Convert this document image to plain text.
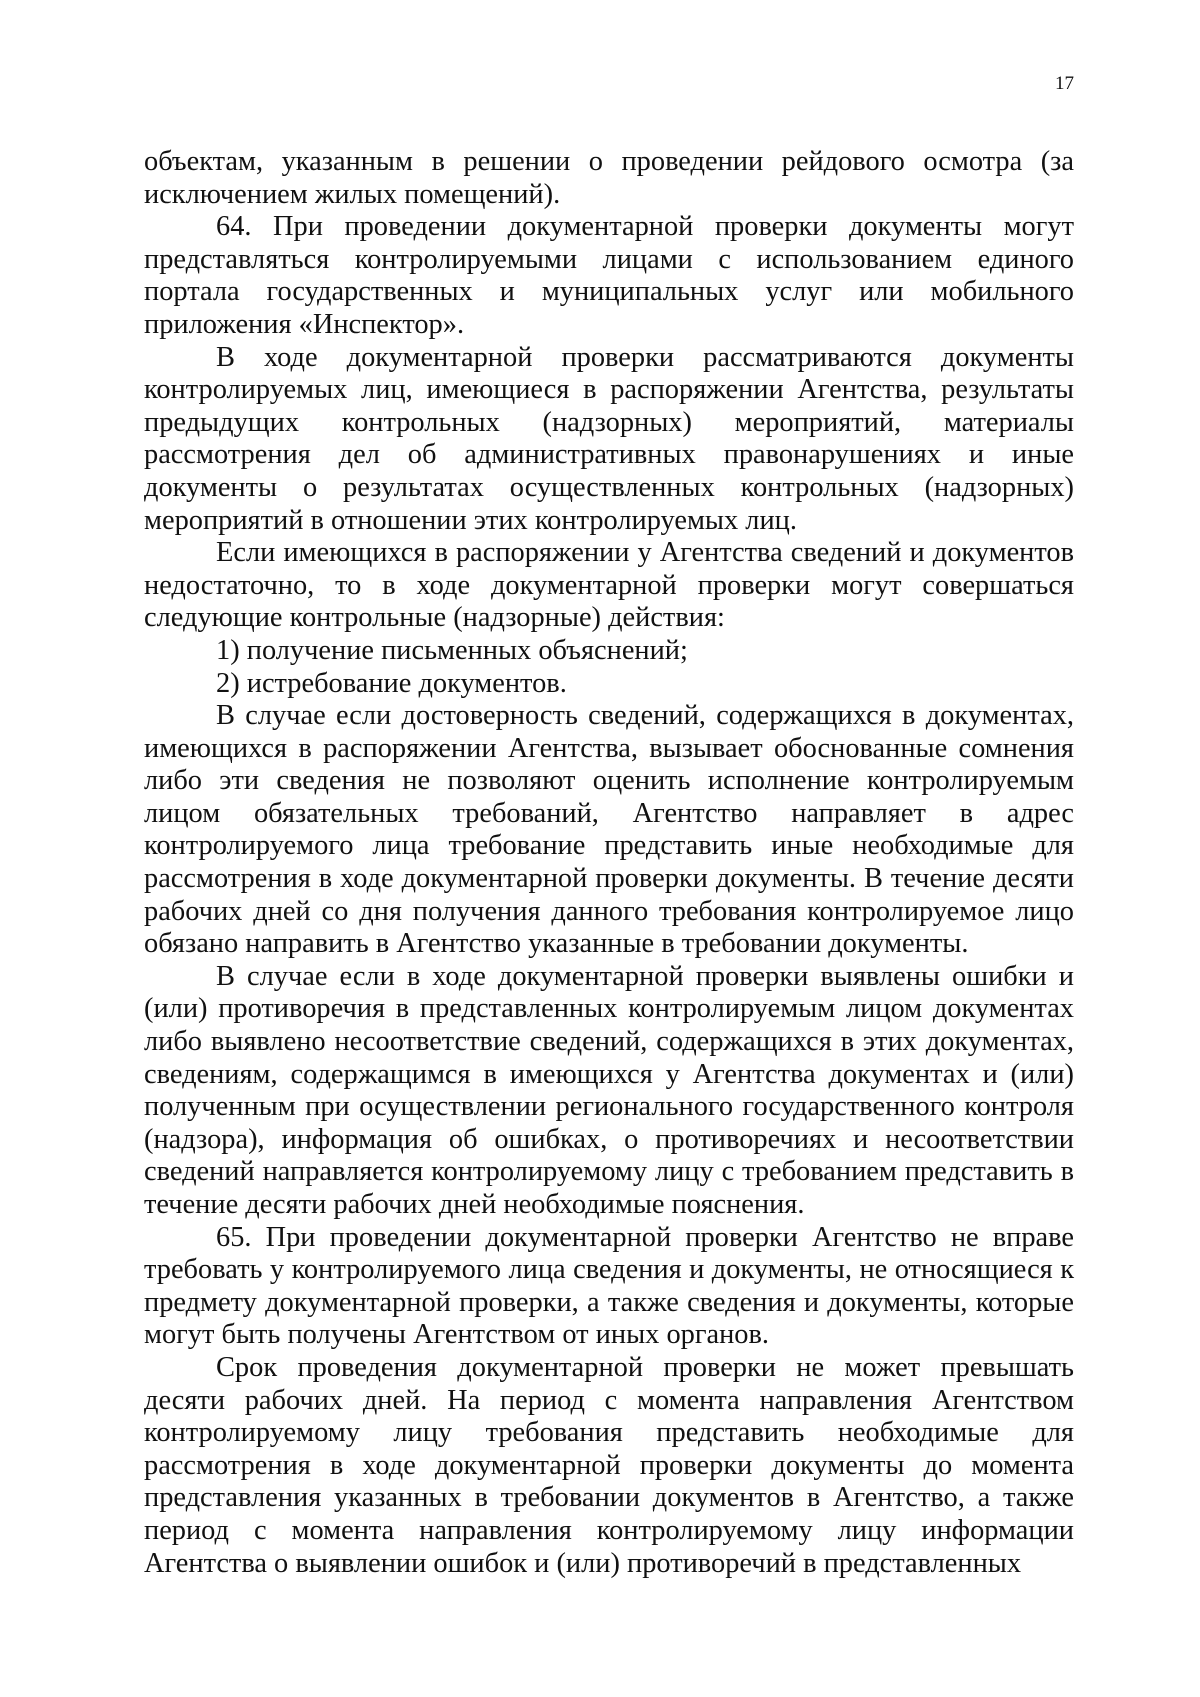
17

объектам, указанным в решении о проведении рейдового осмотра (за исключением жилых помещений).

64. При проведении документарной проверки документы могут представляться контролируемыми лицами с использованием единого портала государственных и муниципальных услуг или мобильного приложения «Инспектор».

В ходе документарной проверки рассматриваются документы контролируемых лиц, имеющиеся в распоряжении Агентства, результаты предыдущих контрольных (надзорных) мероприятий, материалы рассмотрения дел об административных правонарушениях и иные документы о результатах осуществленных контрольных (надзорных) мероприятий в отношении этих контролируемых лиц.

Если имеющихся в распоряжении у Агентства сведений и документов недостаточно, то в ходе документарной проверки могут совершаться следующие контрольные (надзорные) действия:

1) получение письменных объяснений;

2) истребование документов.

В случае если достоверность сведений, содержащихся в документах, имеющихся в распоряжении Агентства, вызывает обоснованные сомнения либо эти сведения не позволяют оценить исполнение контролируемым лицом обязательных требований, Агентство направляет в адрес контролируемого лица требование представить иные необходимые для рассмотрения в ходе документарной проверки документы. В течение десяти рабочих дней со дня получения данного требования контролируемое лицо обязано направить в Агентство указанные в требовании документы.

В случае если в ходе документарной проверки выявлены ошибки и (или) противоречия в представленных контролируемым лицом документах либо выявлено несоответствие сведений, содержащихся в этих документах, сведениям, содержащимся в имеющихся у Агентства документах и (или) полученным при осуществлении регионального государственного контроля (надзора), информация об ошибках, о противоречиях и несоответствии сведений направляется контролируемому лицу с требованием представить в течение десяти рабочих дней необходимые пояснения.

65. При проведении документарной проверки Агентство не вправе требовать у контролируемого лица сведения и документы, не относящиеся к предмету документарной проверки, а также сведения и документы, которые могут быть получены Агентством от иных органов.

Срок проведения документарной проверки не может превышать десяти рабочих дней. На период с момента направления Агентством контролируемому лицу требования представить необходимые для рассмотрения в ходе документарной проверки документы до момента представления указанных в требовании документов в Агентство, а также период с момента направления контролируемому лицу информации Агентства о выявлении ошибок и (или) противоречий в представленных
